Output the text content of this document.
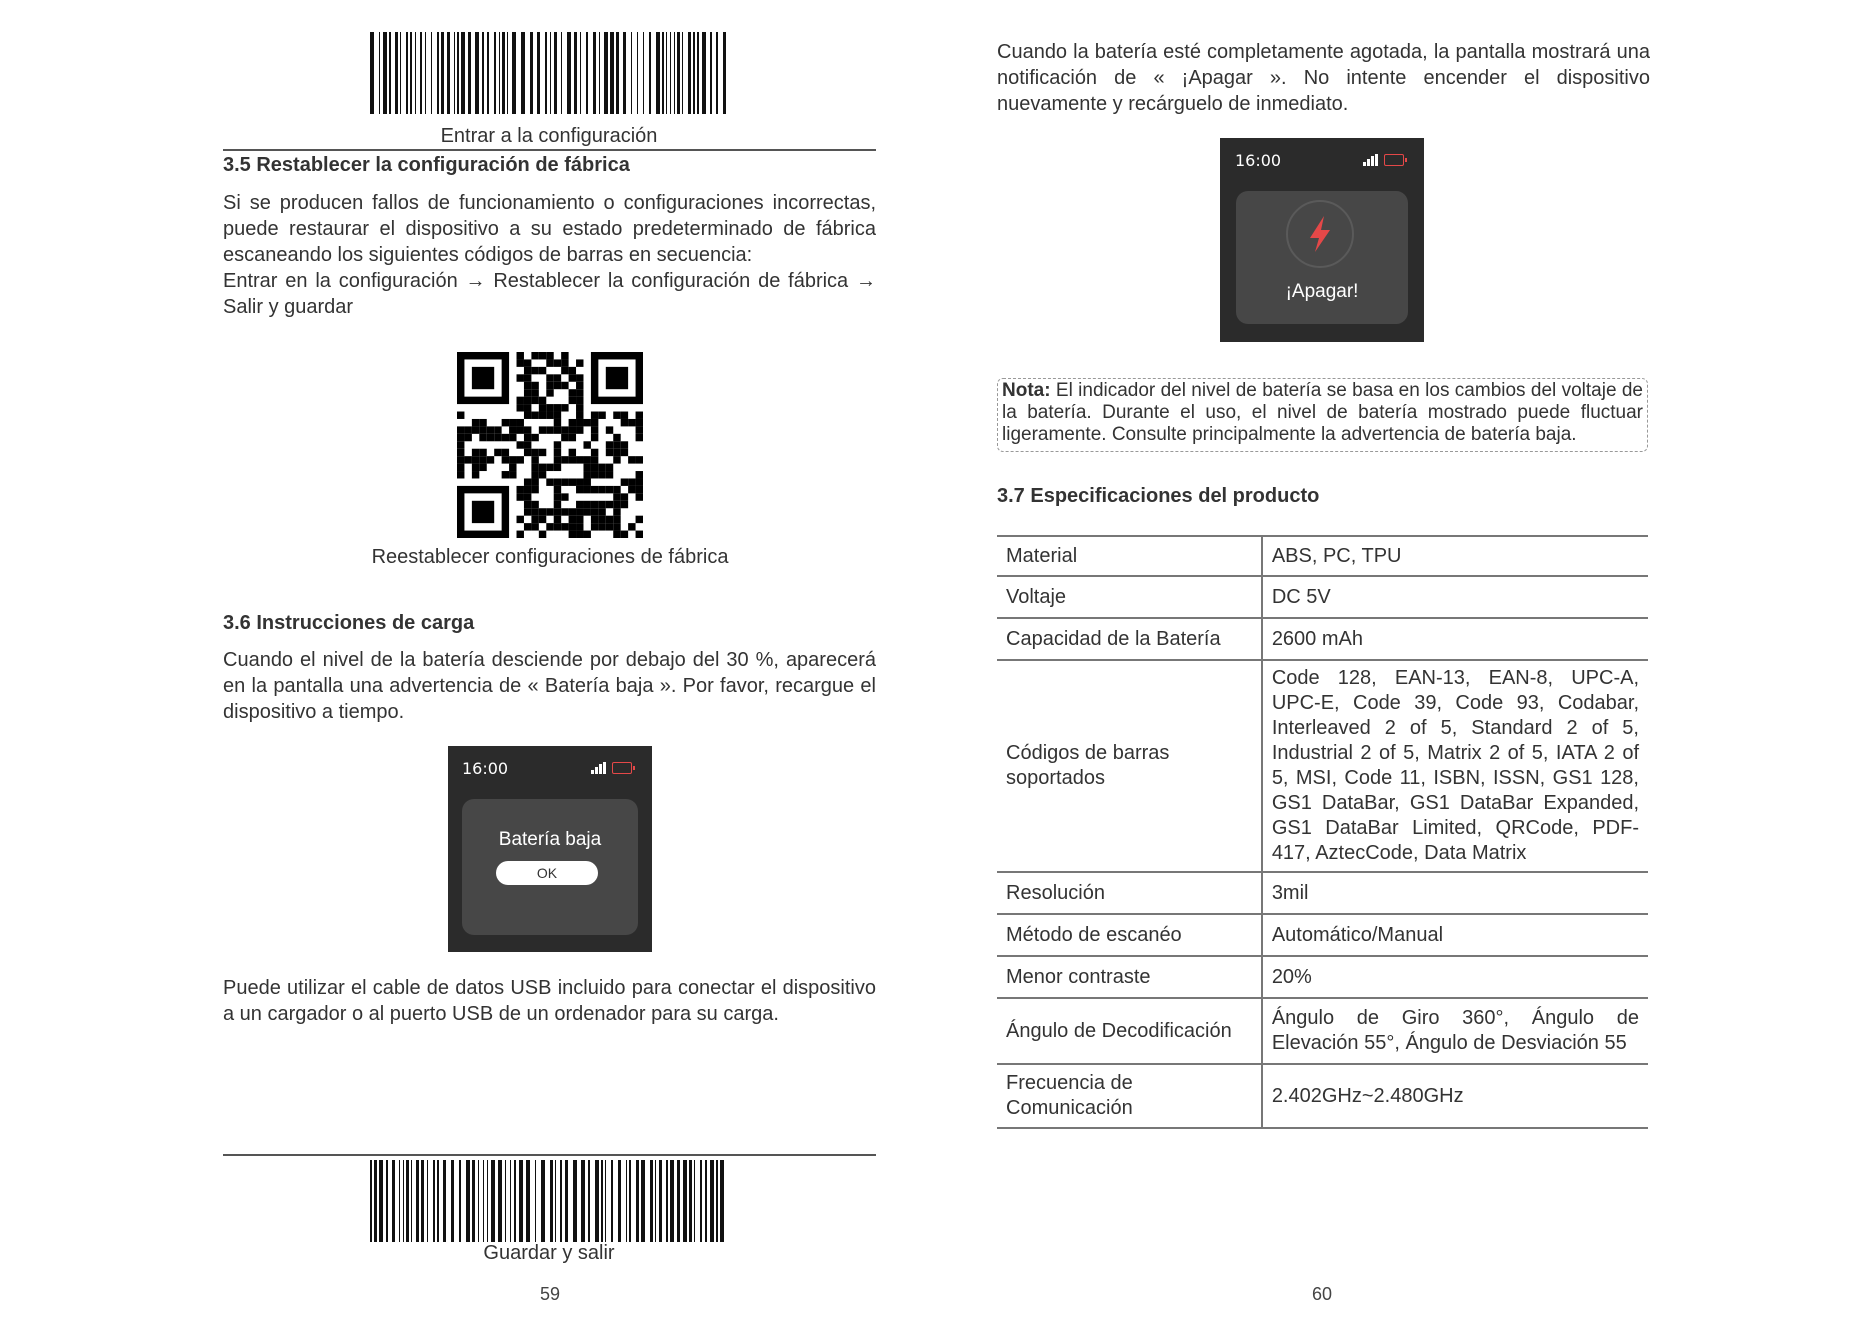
Entrar a la configuración
3.5 Restablecer la configuración de fábrica
Si se producen fallos de funcionamiento o configuraciones incorrectas, puede restaurar el dispositivo a su estado predeterminado de fábrica escaneando los siguientes códigos de barras en secuencia:
Entrar en la configuración → Restablecer la configuración de fábrica → Salir y guardar
Reestablecer configuraciones de fábrica
3.6 Instrucciones de carga
Cuando el nivel de la batería desciende por debajo del 30 %, aparecerá en la pantalla una advertencia de « Batería baja ». Por favor, recargue el dispositivo a tiempo.
16:00
Batería baja
OK
Puede utilizar el cable de datos USB incluido para conectar el dispositivo a un cargador o al puerto USB de un ordenador para su carga.
Guardar y salir
59
Cuando la batería esté completamente agotada, la pantalla mostrará una notificación de « ¡Apagar ». No intente encender el dispositivo nuevamente y recárguelo de inmediato.
16:00
¡Apagar!
Nota: El indicador del nivel de batería se basa en los cambios del voltaje de la batería. Durante el uso, el nivel de batería mostrado puede fluctuar ligeramente. Consulte principalmente la advertencia de batería baja.
3.7 Especificaciones del producto
Material	ABS, PC, TPU
Voltaje	DC 5V
Capacidad de la Batería	2600 mAh
Códigos de barras soportados	Code 128, EAN-13, EAN-8, UPC-A, UPC-E, Code 39, Code 93, Codabar, Interleaved 2 of 5, Standard 2 of 5, Industrial 2 of 5, Matrix 2 of 5, IATA 2 of 5, MSI, Code 11, ISBN, ISSN, GS1 128, GS1 DataBar, GS1 DataBar Expanded, GS1 DataBar Limited, QRCode, PDF-417, AztecCode, Data Matrix
Resolución	3mil
Método de escanéo	Automático/Manual
Menor contraste	20%
Ángulo de Decodificación	Ángulo de Giro 360°, Ángulo de Elevación 55°, Ángulo de Desviación 55
Frecuencia de Comunicación	2.402GHz~2.480GHz
60
